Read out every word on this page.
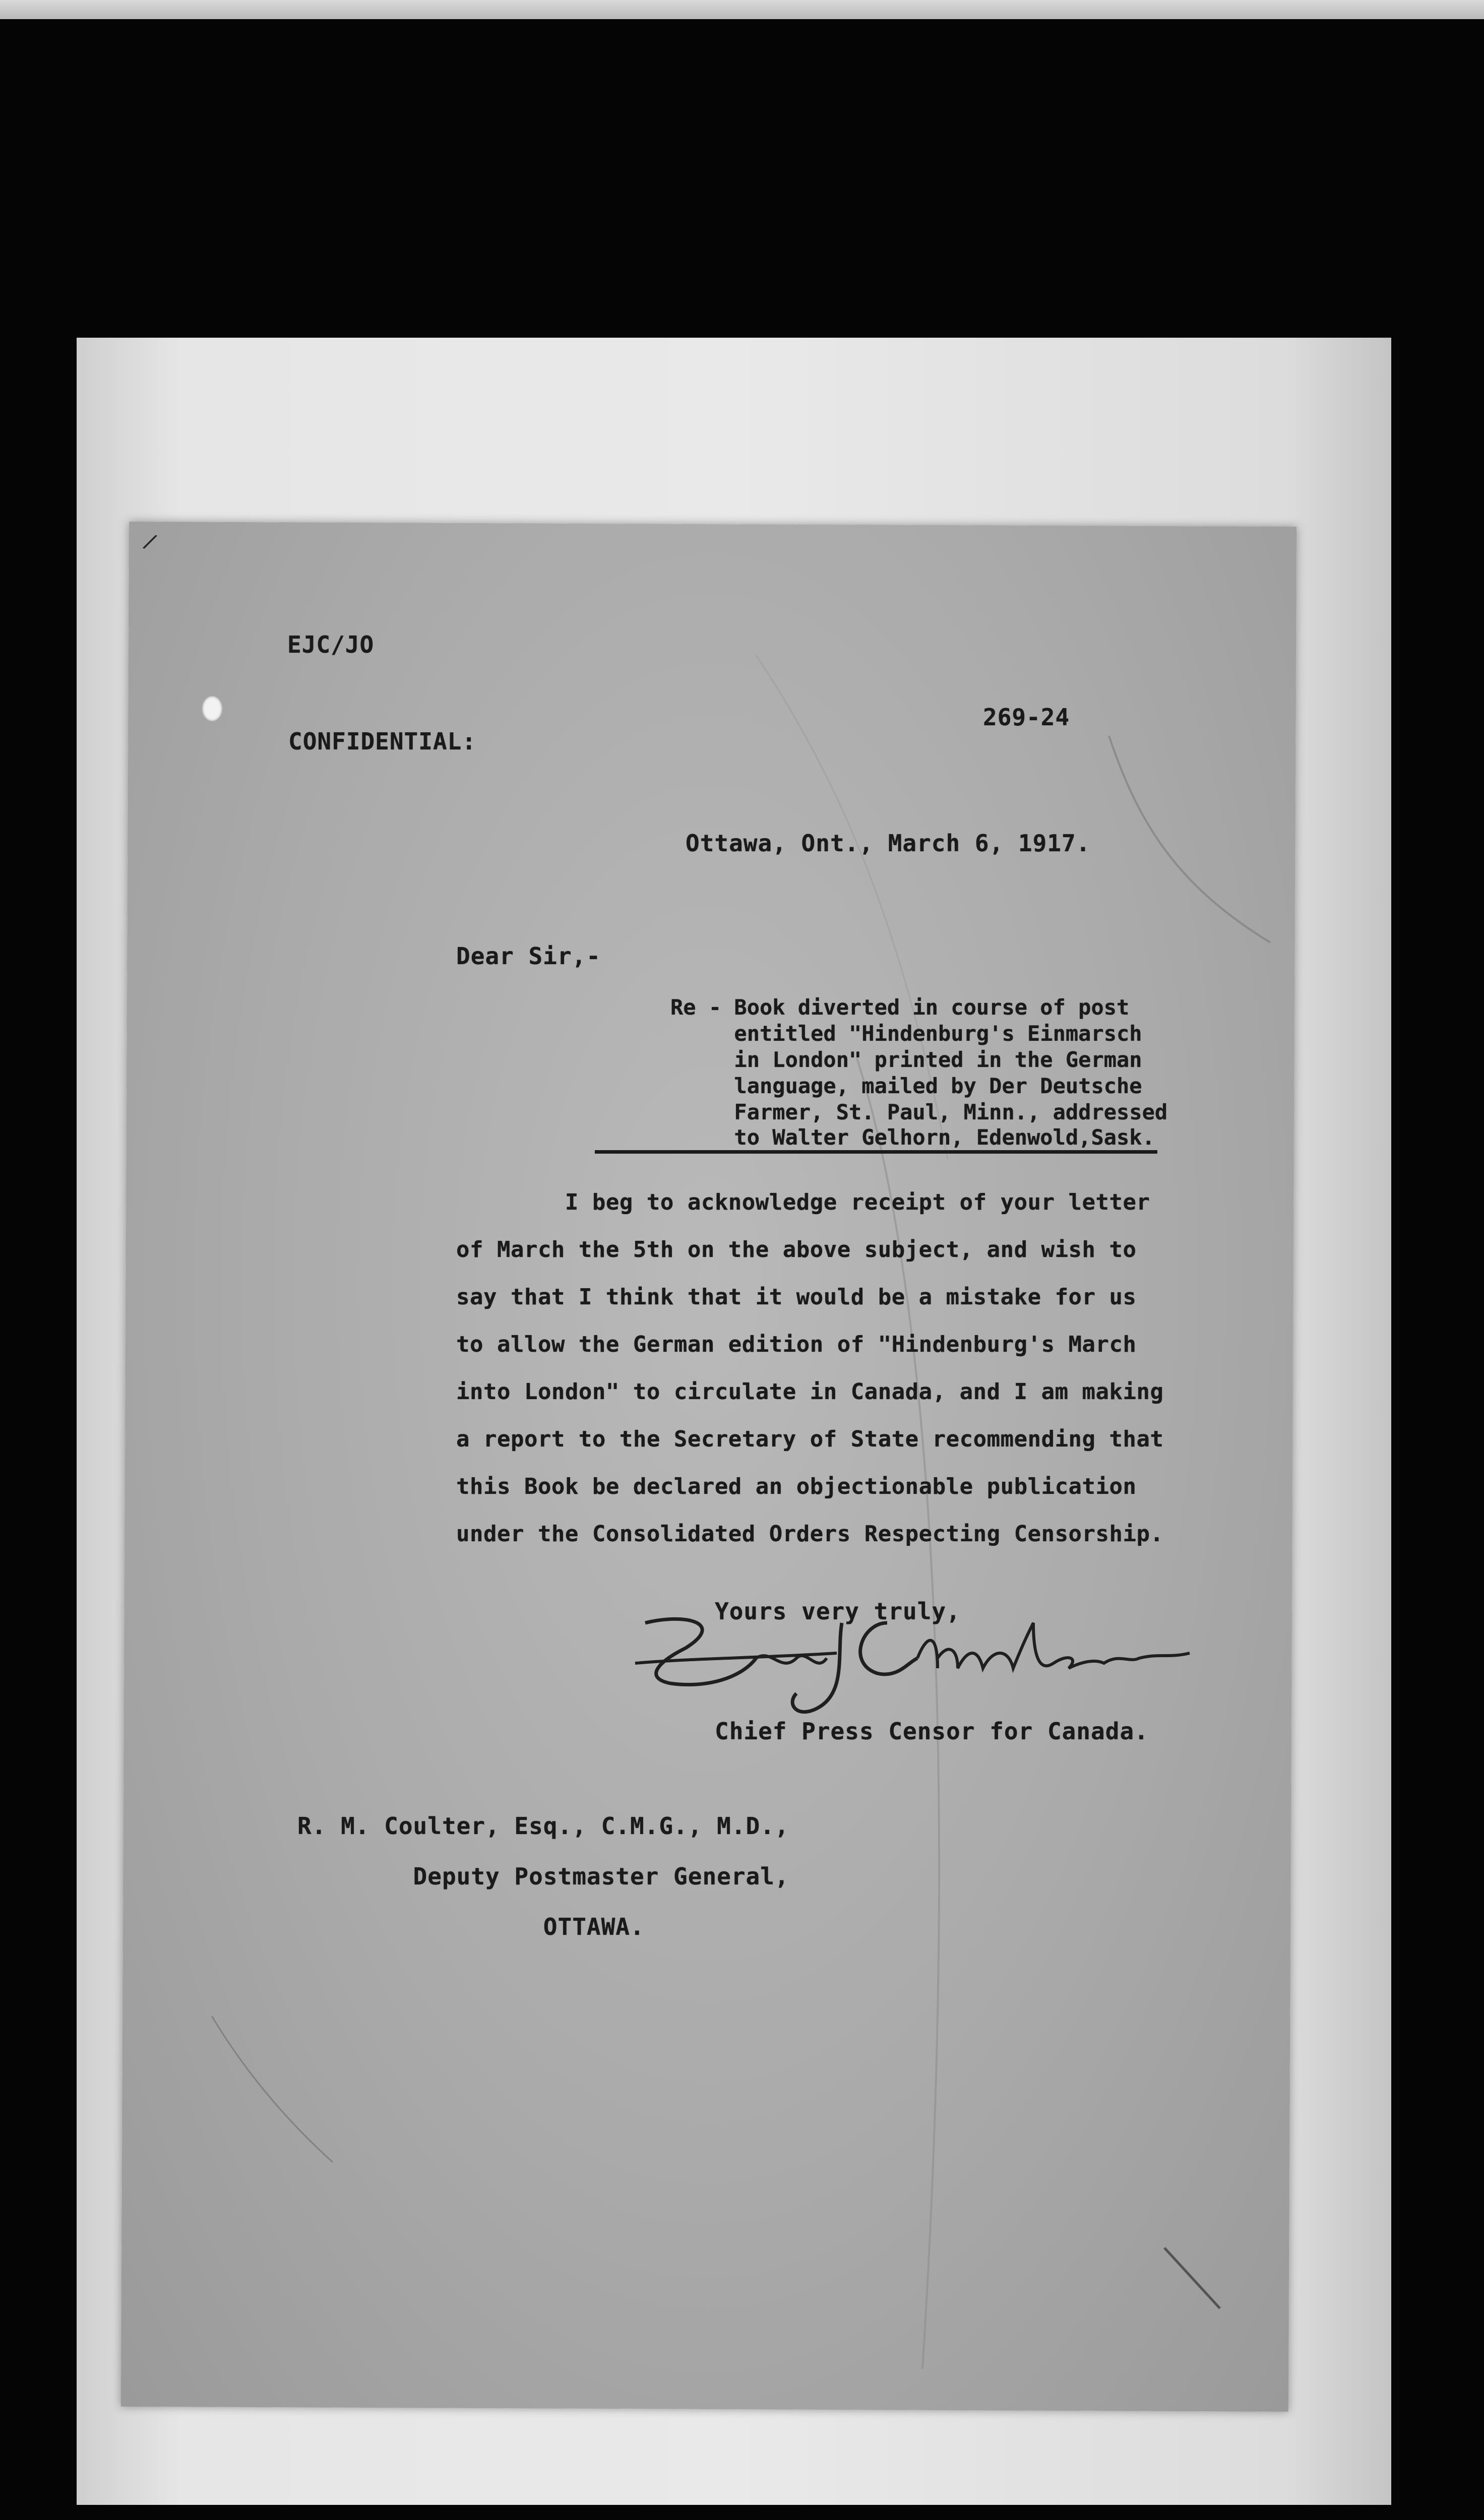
/
EJC/JO
CONFIDENTIAL:
269-24
Ottawa, Ont., March 6, 1917.
Dear Sir,-
Re - Book diverted in course of post
entitled "Hindenburg's Einmarsch
in London" printed in the German
language, mailed by Der Deutsche
Farmer, St. Paul, Minn., addressed
to Walter Gelhorn, Edenwold,Sask.
I beg to acknowledge receipt of your letter
of March the 5th on the above subject, and wish to
say that I think that it would be a mistake for us
to allow the German edition of "Hindenburg's March
into London" to circulate in Canada, and I am making
a report to the Secretary of State recommending that
this Book be declared an objectionable publication
under the Consolidated Orders Respecting Censorship.
Yours very truly,
Chief Press Censor for Canada.
R. M. Coulter, Esq., C.M.G., M.D.,
Deputy Postmaster General,
OTTAWA.
